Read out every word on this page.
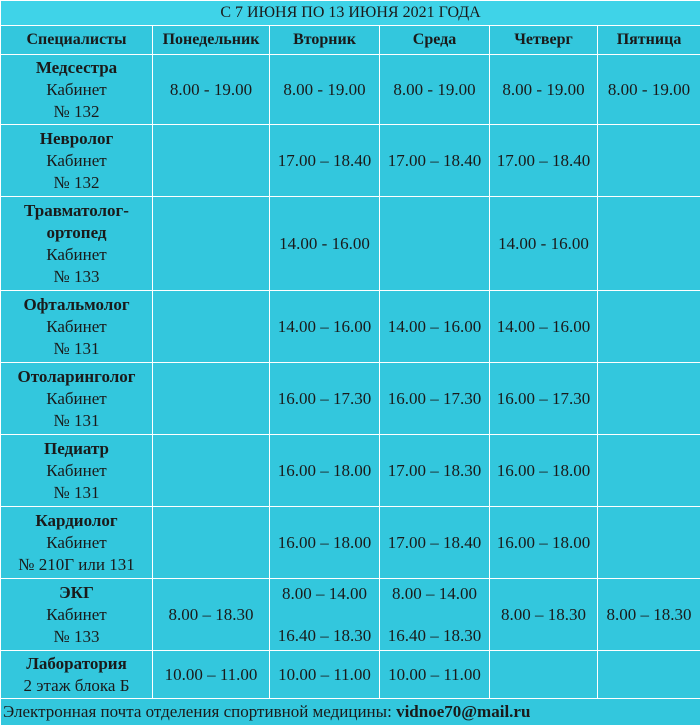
С 7 ИЮНЯ ПО 13 ИЮНЯ 2021 ГОДА					
Специалисты	Понедельник	Вторник	Среда	Четверг	Пятница

Медсестра
Кабинет
№ 132	8.00 - 19.00	8.00 - 19.00	8.00 - 19.00	8.00 - 19.00	8.00 - 19.00

Невролог
Кабинет
№ 132		17.00 – 18.40	17.00 – 18.40	17.00 – 18.40	

Травматолог-
ортопед
Кабинет
№ 133		14.00 - 16.00		14.00 - 16.00	

Офтальмолог
Кабинет
№ 131		14.00 – 16.00	14.00 – 16.00	14.00 – 16.00	

Отоларинголог
Кабинет
№ 131		16.00 – 17.30	16.00 – 17.30	16.00 – 17.30	

Педиатр
Кабинет
№ 131		16.00 – 18.00	17.00 – 18.30	16.00 – 18.00	

Кардиолог
Кабинет
№ 210Г или 131		16.00 – 18.00	17.00 – 18.40	16.00 – 18.00	

ЭКГ
Кабинет
№ 133	8.00 – 18.30	8.00 – 14.00
16.40 – 18.30	8.00 – 14.00
16.40 – 18.30	8.00 – 18.30	8.00 – 18.30

Лаборатория
2 этаж блока Б	10.00 – 11.00	10.00 – 11.00	10.00 – 11.00		
Электронная почта отделения спортивной медицины: vidnoe70@mail.ru					
